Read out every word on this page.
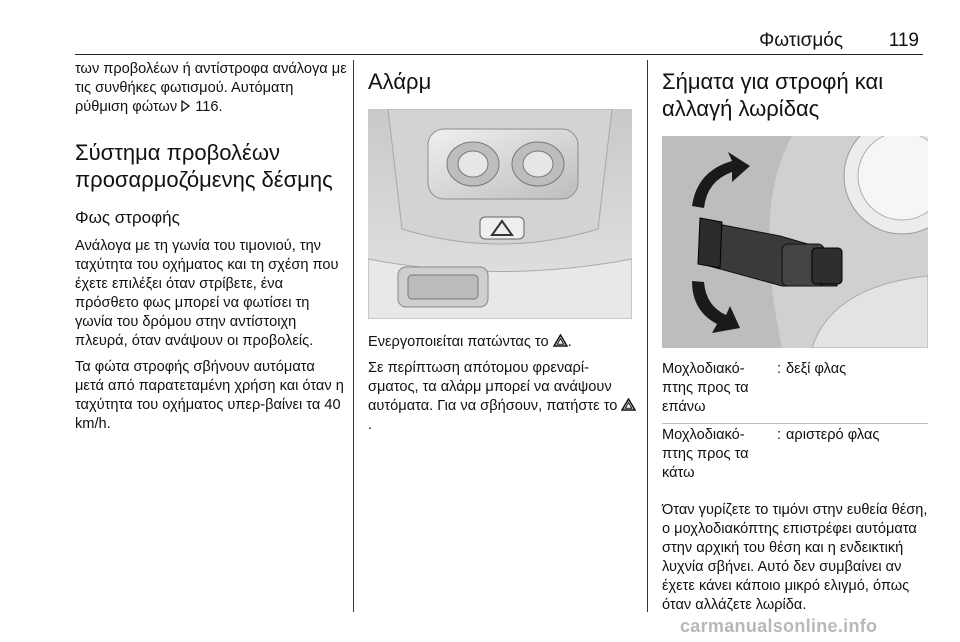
Φωτισμός 119

των προβολέων ή αντίστροφα ανάλογα με τις συνθήκες φωτισμού. Αυτόματη ρύθμιση φώτων 116.

Σύστημα προβολέων προσαρμοζόμενης δέσμης
Φως στροφής

Ανάλογα με τη γωνία του τιμονιού, την ταχύτητα του οχήματος και τη σχέση που έχετε επιλέξει όταν στρίβετε, ένα πρόσθετο φως μπορεί να φωτίσει τη γωνία του δρόμου στην αντίστοιχη πλευρά, όταν ανάψουν οι προβολείς.

Τα φώτα στροφής σβήνουν αυτόματα μετά από παρατεταμένη χρήση και όταν η ταχύτητα του οχήματος υπερ-βαίνει τα 40 km/h.

Αλάρμ

Ενεργοποιείται πατώντας το .

Σε περίπτωση απότομου φρεναρί-σματος, τα αλάρμ μπορεί να ανάψουν αυτόματα. Για να σβήσουν, πατήστε το .

Σήματα για στροφή και αλλαγή λωρίδας
Μοχλοδιακό-πτης προς τα επάνω
: δεξί φλας
Μοχλοδιακό-πτης προς τα κάτω
: αριστερό φλας

Όταν γυρίζετε το τιμόνι στην ευθεία θέση, ο μοχλοδιακόπτης επιστρέφει αυτόματα στην αρχική του θέση και η ενδεικτική λυχνία σβήνει. Αυτό δεν συμβαίνει αν έχετε κάνει κάποιο μικρό ελιγμό, όπως όταν αλλάζετε λωρίδα.

carmanualsonline.info
